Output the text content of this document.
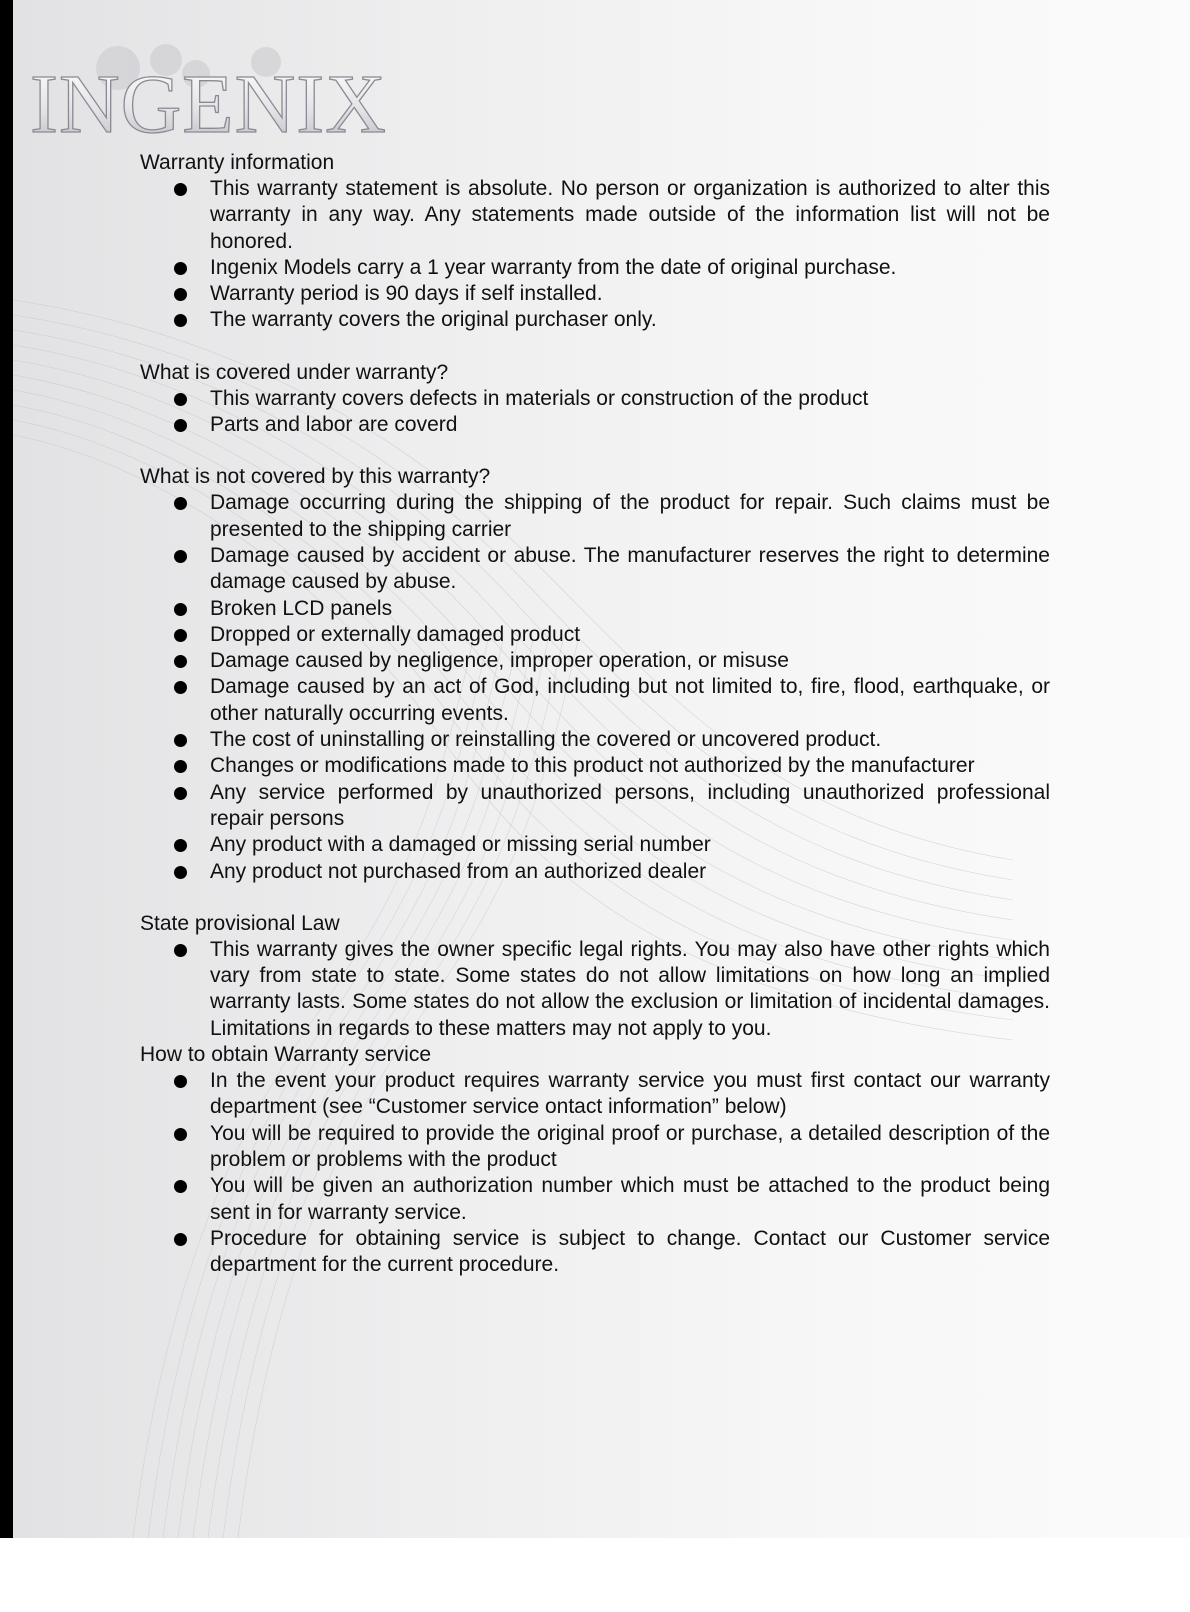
INGENIX
Warranty information
This warranty statement is absolute. No person or organization is authorized to alter this warranty in any way. Any statements made outside of the information list will not be honored.
Ingenix Models carry a 1 year warranty from the date of original purchase.
Warranty period is 90 days if self installed.
The warranty covers the original purchaser only.
What is covered under warranty?
This warranty covers defects in materials or construction of the product
Parts and labor are coverd
What is not covered by this warranty?
Damage occurring during the shipping of the product for repair. Such claims must be presented to the shipping carrier
Damage caused by accident or abuse. The manufacturer reserves the right to determine damage caused by abuse.
Broken LCD panels
Dropped or externally damaged product
Damage caused by negligence, improper operation, or misuse
Damage caused by an act of God, including but not limited to, fire, flood, earthquake, or other naturally occurring events.
The cost of uninstalling or reinstalling the covered or uncovered product.
Changes or modifications made to this product not authorized by the manufacturer
Any service performed by unauthorized persons, including unauthorized professional repair persons
Any product with a damaged or missing serial number
Any product not purchased from an authorized dealer
State provisional Law
This warranty gives the owner specific legal rights. You may also have other rights which vary from state to state. Some states do not allow limitations on how long an implied warranty lasts. Some states do not allow the exclusion or limitation of incidental damages. Limitations in regards to these matters may not apply to you.
How to obtain Warranty service
In the event your product requires warranty service you must first contact our warranty department (see “Customer service ontact information” below)
You will be required to provide the original proof or purchase, a detailed description of the problem or problems with the product
You will be given an authorization number which must be attached to the product being sent in for warranty service.
Procedure for obtaining service is subject to change. Contact our Customer service department for the current procedure.
